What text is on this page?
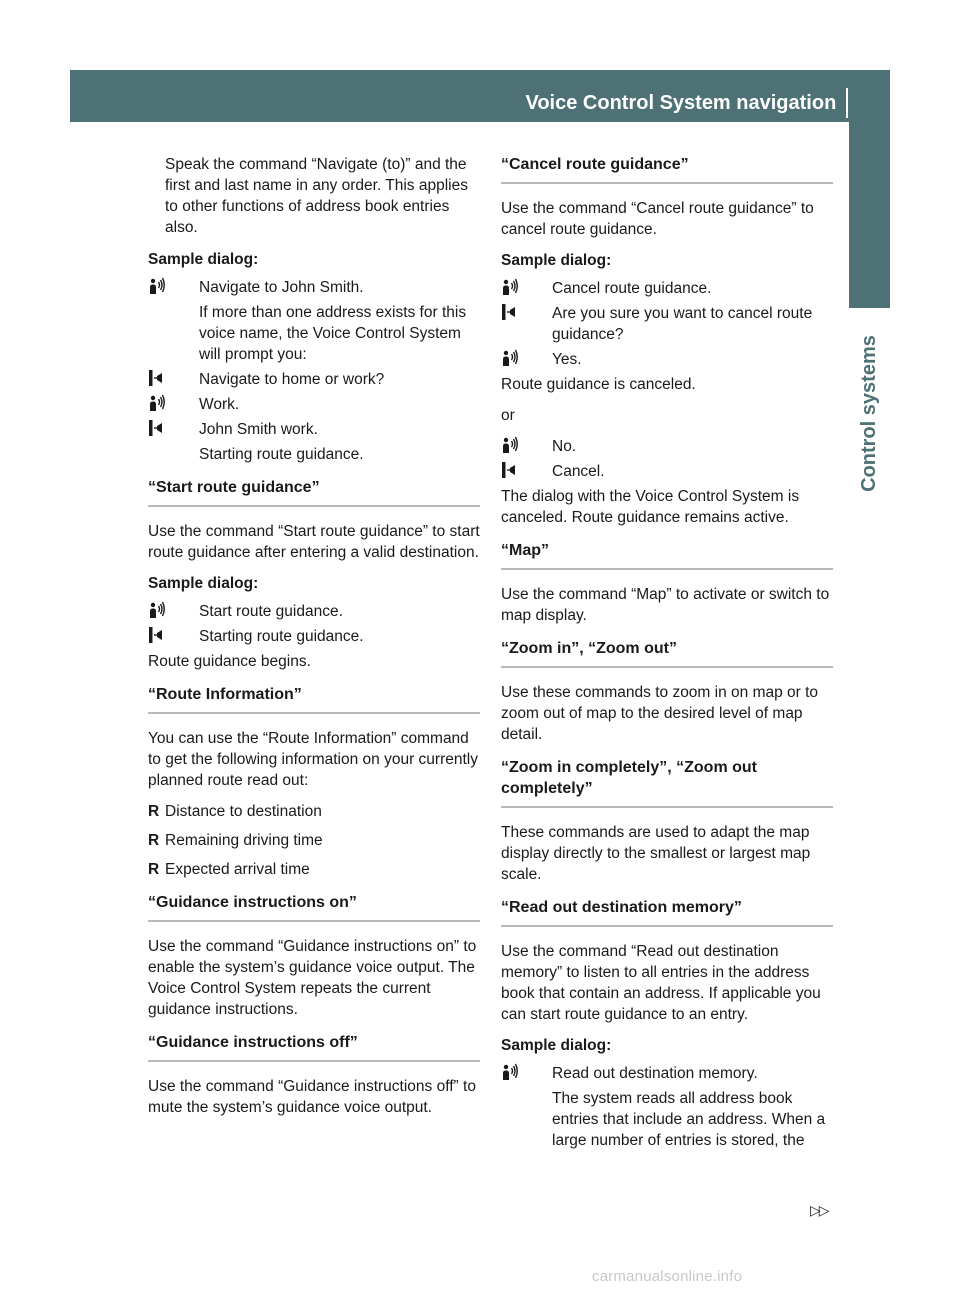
Voice Control System navigation
Control systems

Speak the command “Navigate (to)” and the first and last name in any order. This applies to other functions of address book entries also.

Sample dialog:

Navigate to John Smith.
If more than one address exists for this voice name, the Voice Control System will prompt you:
Navigate to home or work?
Work.
John Smith work.
Starting route guidance.
“Start route guidance”

Use the command “Start route guidance” to start route guidance after entering a valid destination.

Sample dialog:

Start route guidance.
Starting route guidance.

Route guidance begins.

“Route Information”

You can use the “Route Information” command to get the following information on your currently planned route read out:

R Distance to destination
R Remaining driving time
R Expected arrival time
“Guidance instructions on”

Use the command “Guidance instructions on” to enable the system’s guidance voice output. The Voice Control System repeats the current guidance instructions.

“Guidance instructions off”

Use the command “Guidance instructions off” to mute the system’s guidance voice output.

“Cancel route guidance”

Use the command “Cancel route guidance” to cancel route guidance.

Sample dialog:

Cancel route guidance.
Are you sure you want to cancel route guidance?
Yes.

Route guidance is canceled.

or

No.
Cancel.

The dialog with the Voice Control System is canceled. Route guidance remains active.

“Map”

Use the command “Map” to activate or switch to map display.

“Zoom in”, “Zoom out”

Use these commands to zoom in on map or to zoom out of map to the desired level of map detail.

“Zoom in completely”, “Zoom out completely”

These commands are used to adapt the map display directly to the smallest or largest map scale.

“Read out destination memory”

Use the command “Read out destination memory” to listen to all entries in the address book that contain an address. If applicable you can start route guidance to an entry.

Sample dialog:

Read out destination memory.
The system reads all address book entries that include an address. When a large number of entries is stored, the
▷▷
carmanualsonline.info
